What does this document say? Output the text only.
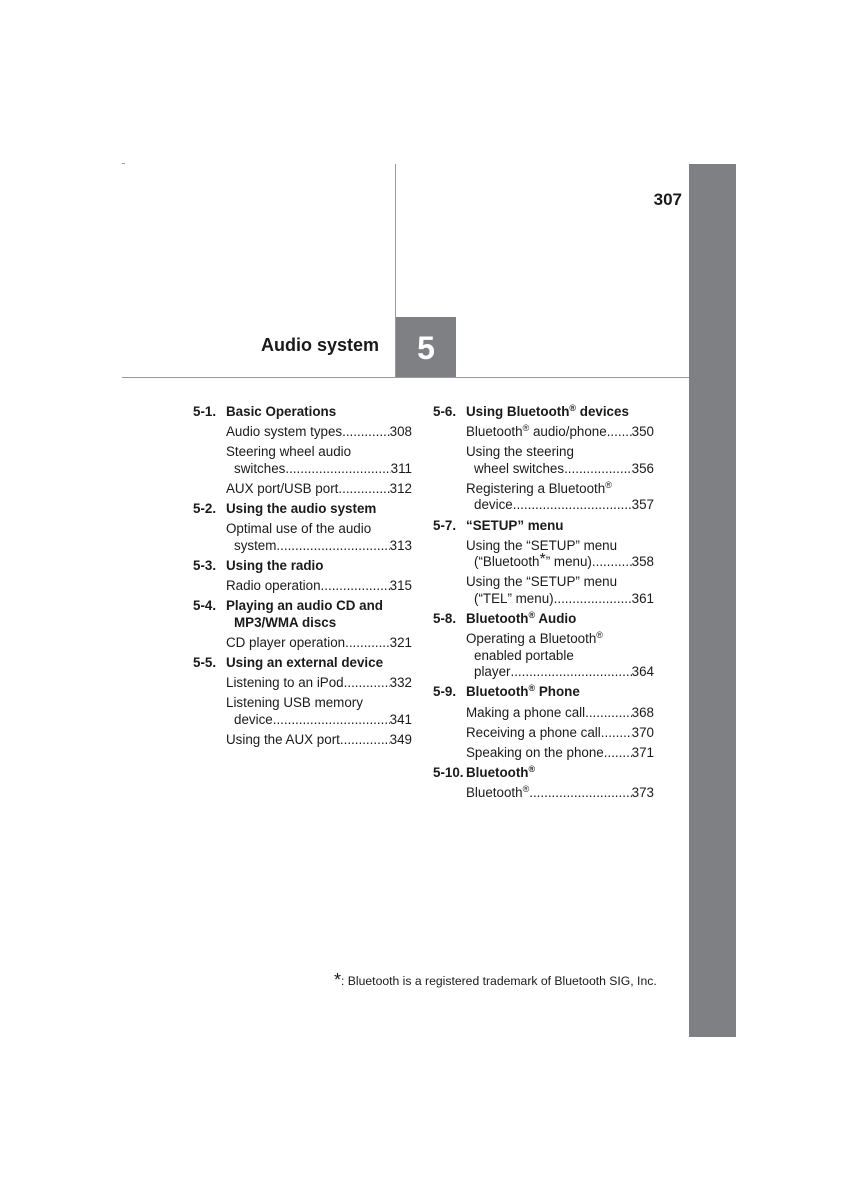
307
Audio system	5
5-1. Basic Operations
Audio system types .....	308
Steering wheel audio
switches .....	311
AUX port/USB port .....	312
5-2. Using the audio system
Optimal use of the audio
system .....	313
5-3. Using the radio
Radio operation .....	315
5-4. Playing an audio CD and
MP3/WMA discs
CD player operation .....	321
5-5. Using an external device
Listening to an iPod .....	332
Listening USB memory
device .....	341
Using the AUX port .....	349
5-6. Using Bluetooth® devices
Bluetooth® audio/phone ..... 350
Using the steering
wheel switches .....	356
Registering a Bluetooth®
device .....	357
5-7. “SETUP” menu
Using the “SETUP” menu
(“Bluetooth*” menu) .....	358
Using the “SETUP” menu
(“TEL” menu) .....	361
5-8. Bluetooth® Audio
Operating a Bluetooth®
enabled portable
player .....	364
5-9. Bluetooth® Phone
Making a phone call .....	368
Receiving a phone call ..... 370
Speaking on the phone ..... 371
5-10. Bluetooth®
Bluetooth® .....	373
*: Bluetooth is a registered trademark of Bluetooth SIG, Inc.
